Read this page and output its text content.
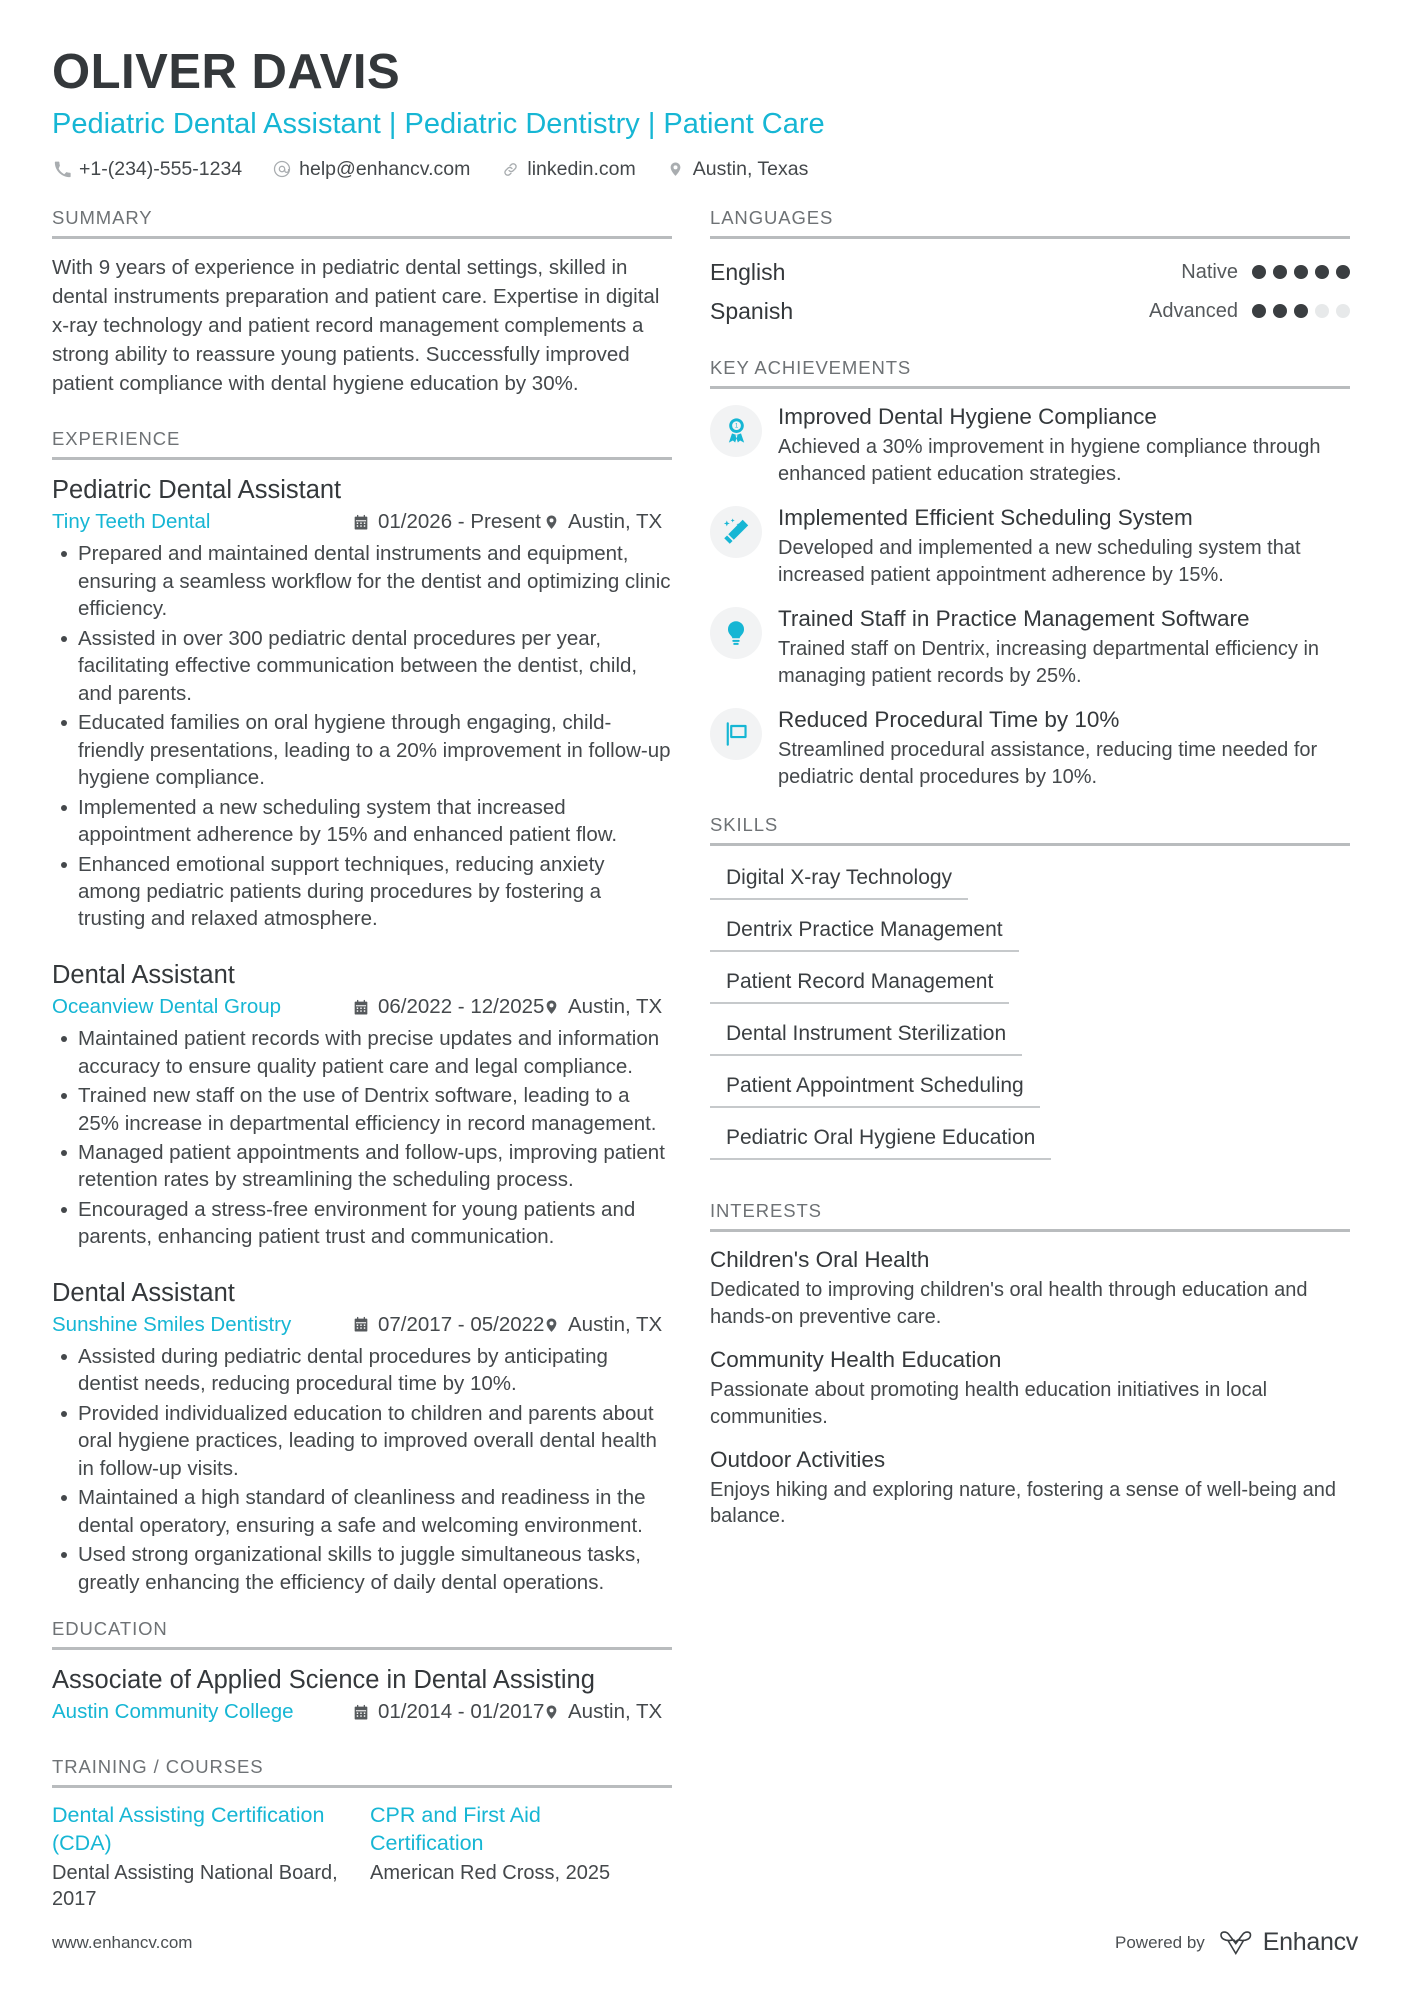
OLIVER DAVIS
Pediatric Dental Assistant | Pediatric Dentistry | Patient Care
+1-(234)-555-1234	help@enhancv.com	linkedin.com	Austin, Texas
SUMMARY
With 9 years of experience in pediatric dental settings, skilled in dental instruments preparation and patient care. Expertise in digital x-ray technology and patient record management complements a strong ability to reassure young patients. Successfully improved patient compliance with dental hygiene education by 30%.
EXPERIENCE
Pediatric Dental Assistant
Tiny Teeth Dental	01/2026 - Present Austin, TX
Prepared and maintained dental instruments and equipment, ensuring a seamless workflow for the dentist and optimizing clinic efficiency.
Assisted in over 300 pediatric dental procedures per year, facilitating effective communication between the dentist, child, and parents.
Educated families on oral hygiene through engaging, child-friendly presentations, leading to a 20% improvement in follow-up hygiene compliance.
Implemented a new scheduling system that increased appointment adherence by 15% and enhanced patient flow.
Enhanced emotional support techniques, reducing anxiety among pediatric patients during procedures by fostering a trusting and relaxed atmosphere.
Dental Assistant
Oceanview Dental Group	06/2022 - 12/2025 Austin, TX
Maintained patient records with precise updates and information accuracy to ensure quality patient care and legal compliance.
Trained new staff on the use of Dentrix software, leading to a 25% increase in departmental efficiency in record management.
Managed patient appointments and follow-ups, improving patient retention rates by streamlining the scheduling process.
Encouraged a stress-free environment for young patients and parents, enhancing patient trust and communication.
Dental Assistant
Sunshine Smiles Dentistry	07/2017 - 05/2022 Austin, TX
Assisted during pediatric dental procedures by anticipating dentist needs, reducing procedural time by 10%.
Provided individualized education to children and parents about oral hygiene practices, leading to improved overall dental health in follow-up visits.
Maintained a high standard of cleanliness and readiness in the dental operatory, ensuring a safe and welcoming environment.
Used strong organizational skills to juggle simultaneous tasks, greatly enhancing the efficiency of daily dental operations.
EDUCATION
Associate of Applied Science in Dental Assisting
Austin Community College	01/2014 - 01/2017 Austin, TX
TRAINING / COURSES
Dental Assisting Certification (CDA)
Dental Assisting National Board, 2017
CPR and First Aid Certification
American Red Cross, 2025
LANGUAGES
English	Native
Spanish	Advanced
KEY ACHIEVEMENTS
1 Improved Dental Hygiene Compliance
Achieved a 30% improvement in hygiene compliance through enhanced patient education strategies.
Implemented Efficient Scheduling System
Developed and implemented a new scheduling system that increased patient appointment adherence by 15%.
Trained Staff in Practice Management Software
Trained staff on Dentrix, increasing departmental efficiency in managing patient records by 25%.
Reduced Procedural Time by 10%
Streamlined procedural assistance, reducing time needed for pediatric dental procedures by 10%.
SKILLS
Digital X-ray Technology
Dentrix Practice Management
Patient Record Management
Dental Instrument Sterilization
Patient Appointment Scheduling
Pediatric Oral Hygiene Education
INTERESTS
Children's Oral Health
Dedicated to improving children's oral health through education and hands-on preventive care.
Community Health Education
Passionate about promoting health education initiatives in local communities.
Outdoor Activities
Enjoys hiking and exploring nature, fostering a sense of well-being and balance.
www.enhancv.com	Powered by Enhancv
